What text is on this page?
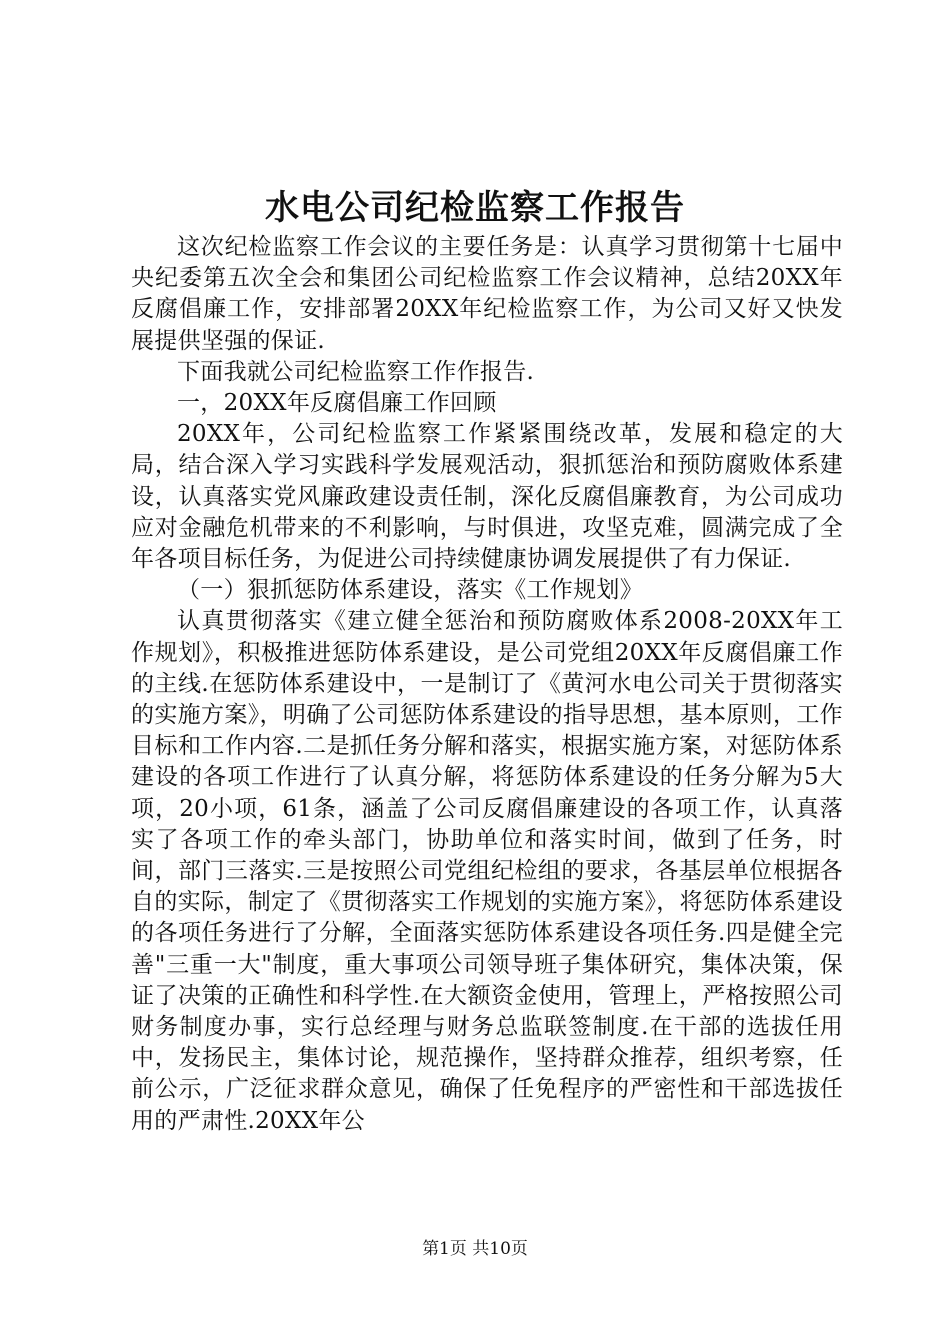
水电公司纪检监察工作报告

这次纪检监察工作会议的主要任务是：认真学习贯彻第十七届中央纪委第五次全会和集团公司纪检监察工作会议精神，总结20XX年反腐倡廉工作，安排部署20XX年纪检监察工作，为公司又好又快发展提供坚强的保证.

下面我就公司纪检监察工作作报告.

一，20XX年反腐倡廉工作回顾

20XX年，公司纪检监察工作紧紧围绕改革，发展和稳定的大局，结合深入学习实践科学发展观活动，狠抓惩治和预防腐败体系建设，认真落实党风廉政建设责任制，深化反腐倡廉教育，为公司成功应对金融危机带来的不利影响，与时俱进，攻坚克难，圆满完成了全年各项目标任务，为促进公司持续健康协调发展提供了有力保证.

（一）狠抓惩防体系建设，落实《工作规划》

认真贯彻落实《建立健全惩治和预防腐败体系2008-20XX年工作规划》，积极推进惩防体系建设，是公司党组20XX年反腐倡廉工作的主线.在惩防体系建设中，一是制订了《黄河水电公司关于贯彻落实的实施方案》，明确了公司惩防体系建设的指导思想，基本原则，工作目标和工作内容.二是抓任务分解和落实，根据实施方案，对惩防体系建设的各项工作进行了认真分解，将惩防体系建设的任务分解为5大项，20小项，61条，涵盖了公司反腐倡廉建设的各项工作，认真落实了各项工作的牵头部门，协助单位和落实时间，做到了任务，时间，部门三落实.三是按照公司党组纪检组的要求，各基层单位根据各自的实际，制定了《贯彻落实工作规划的实施方案》，将惩防体系建设的各项任务进行了分解，全面落实惩防体系建设各项任务.四是健全完善"三重一大"制度，重大事项公司领导班子集体研究，集体决策，保证了决策的正确性和科学性.在大额资金使用，管理上，严格按照公司财务制度办事，实行总经理与财务总监联签制度.在干部的选拔任用中，发扬民主，集体讨论，规范操作，坚持群众推荐，组织考察，任前公示，广泛征求群众意见，确保了任免程序的严密性和干部选拔任用的严肃性.20XX年公

第1页 共10页
